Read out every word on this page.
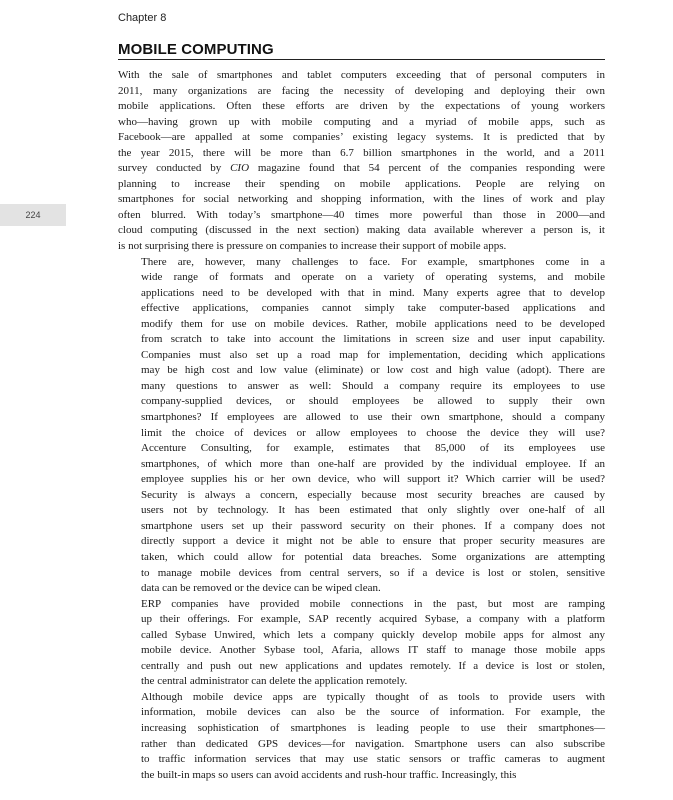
Chapter 8
MOBILE COMPUTING
224

With the sale of smartphones and tablet computers exceeding that of personal computers in
2011, many organizations are facing the necessity of developing and deploying their own
mobile applications. Often these efforts are driven by the expectations of young workers
who—having grown up with mobile computing and a myriad of mobile apps, such as
Facebook—are appalled at some companies’ existing legacy systems. It is predicted that by
the year 2015, there will be more than 6.7 billion smartphones in the world, and a 2011
survey conducted by CIO magazine found that 54 percent of the companies responding were
planning to increase their spending on mobile applications. People are relying on
smartphones for social networking and shopping information, with the lines of work and play
often blurred. With today’s smartphone—40 times more powerful than those in 2000—and
cloud computing (discussed in the next section) making data available wherever a person is, it
is not surprising there is pressure on companies to increase their support of mobile apps.

There are, however, many challenges to face. For example, smartphones come in a
wide range of formats and operate on a variety of operating systems, and mobile
applications need to be developed with that in mind. Many experts agree that to develop
effective applications, companies cannot simply take computer-based applications and
modify them for use on mobile devices. Rather, mobile applications need to be developed
from scratch to take into account the limitations in screen size and user input capability.
Companies must also set up a road map for implementation, deciding which applications
may be high cost and low value (eliminate) or low cost and high value (adopt). There are
many questions to answer as well: Should a company require its employees to use
company-supplied devices, or should employees be allowed to supply their own
smartphones? If employees are allowed to use their own smartphone, should a company
limit the choice of devices or allow employees to choose the device they will use?
Accenture Consulting, for example, estimates that 85,000 of its employees use
smartphones, of which more than one-half are provided by the individual employee. If an
employee supplies his or her own device, who will support it? Which carrier will be used?
Security is always a concern, especially because most security breaches are caused by
users not by technology. It has been estimated that only slightly over one-half of all
smartphone users set up their password security on their phones. If a company does not
directly support a device it might not be able to ensure that proper security measures are
taken, which could allow for potential data breaches. Some organizations are attempting
to manage mobile devices from central servers, so if a device is lost or stolen, sensitive
data can be removed or the device can be wiped clean.

ERP companies have provided mobile connections in the past, but most are ramping
up their offerings. For example, SAP recently acquired Sybase, a company with a platform
called Sybase Unwired, which lets a company quickly develop mobile apps for almost any
mobile device. Another Sybase tool, Afaria, allows IT staff to manage those mobile apps
centrally and push out new applications and updates remotely. If a device is lost or stolen,
the central administrator can delete the application remotely.

Although mobile device apps are typically thought of as tools to provide users with
information, mobile devices can also be the source of information. For example, the
increasing sophistication of smartphones is leading people to use their smartphones—
rather than dedicated GPS devices—for navigation. Smartphone users can also subscribe
to traffic information services that may use static sensors or traffic cameras to augment
the built-in maps so users can avoid accidents and rush-hour traffic. Increasingly, this
